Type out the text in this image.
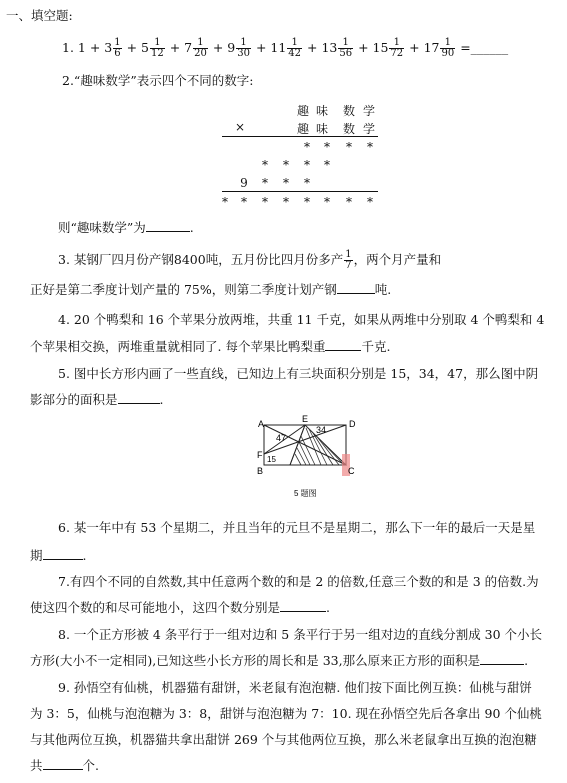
一、填空题:
1. $1 + 3 \frac{1}{6} + 5 \frac{1}{12} + 7 \frac{1}{20} + 9 \frac{1}{30} + 11 \frac{1}{42} + 13 \frac{1}{56} + 15 \frac{1}{72} + 17 \frac{1}{90}$ =______
2.“趣味数学”表示四个不同的数字:
趣 味 数 学
×	趣 味 数 学
*	*	*	*
*	*	*	*
9	*	*	*
*	*	*	*	*	*	*	*
则“趣味数学”为	.
3. 某钢厂四月份产钢8400吨，五月份比四月份多产 $\frac{1}{7}$ ，两个月产量和
正好是第二季度计划产量的 75%，则第二季度计划产钢	吨.
4. 20 个鸭梨和 16 个苹果分放两堆，共重 11 千克，如果从两堆中分别取 4 个鸭梨和 4
个苹果相交换，两堆重量就相同了. 每个苹果比鸭梨重	千克.
5. 图中长方形内画了一些直线，已知边上有三块面积分别是 15，34，47，那么图中阴
影部分的面积是	.
A	E	D
F
B	C
47
34
15
5 题图
6. 某一年中有 53 个星期二，并且当年的元旦不是星期二，那么下一年的最后一天是星
期	.
7.有四个不同的自然数,其中任意两个数的和是 2 的倍数,任意三个数的和是 3 的倍数.为
使这四个数的和尽可能地小，这四个数分别是	.
8. 一个正方形被 4 条平行于一组对边和 5 条平行于另一组对边的直线分割成 30 个小长
方形(大小不一定相同),已知这些小长方形的周长和是 33,那么原来正方形的面积是	.
9. 孙悟空有仙桃，机器猫有甜饼，米老鼠有泡泡糖. 他们按下面比例互换：仙桃与甜饼
为 3：5，仙桃与泡泡糖为 3：8，甜饼与泡泡糖为 7：10. 现在孙悟空先后各拿出 90 个仙桃
与其他两位互换，机器猫共拿出甜饼 269 个与其他两位互换，那么米老鼠拿出互换的泡泡糖
共	个.
